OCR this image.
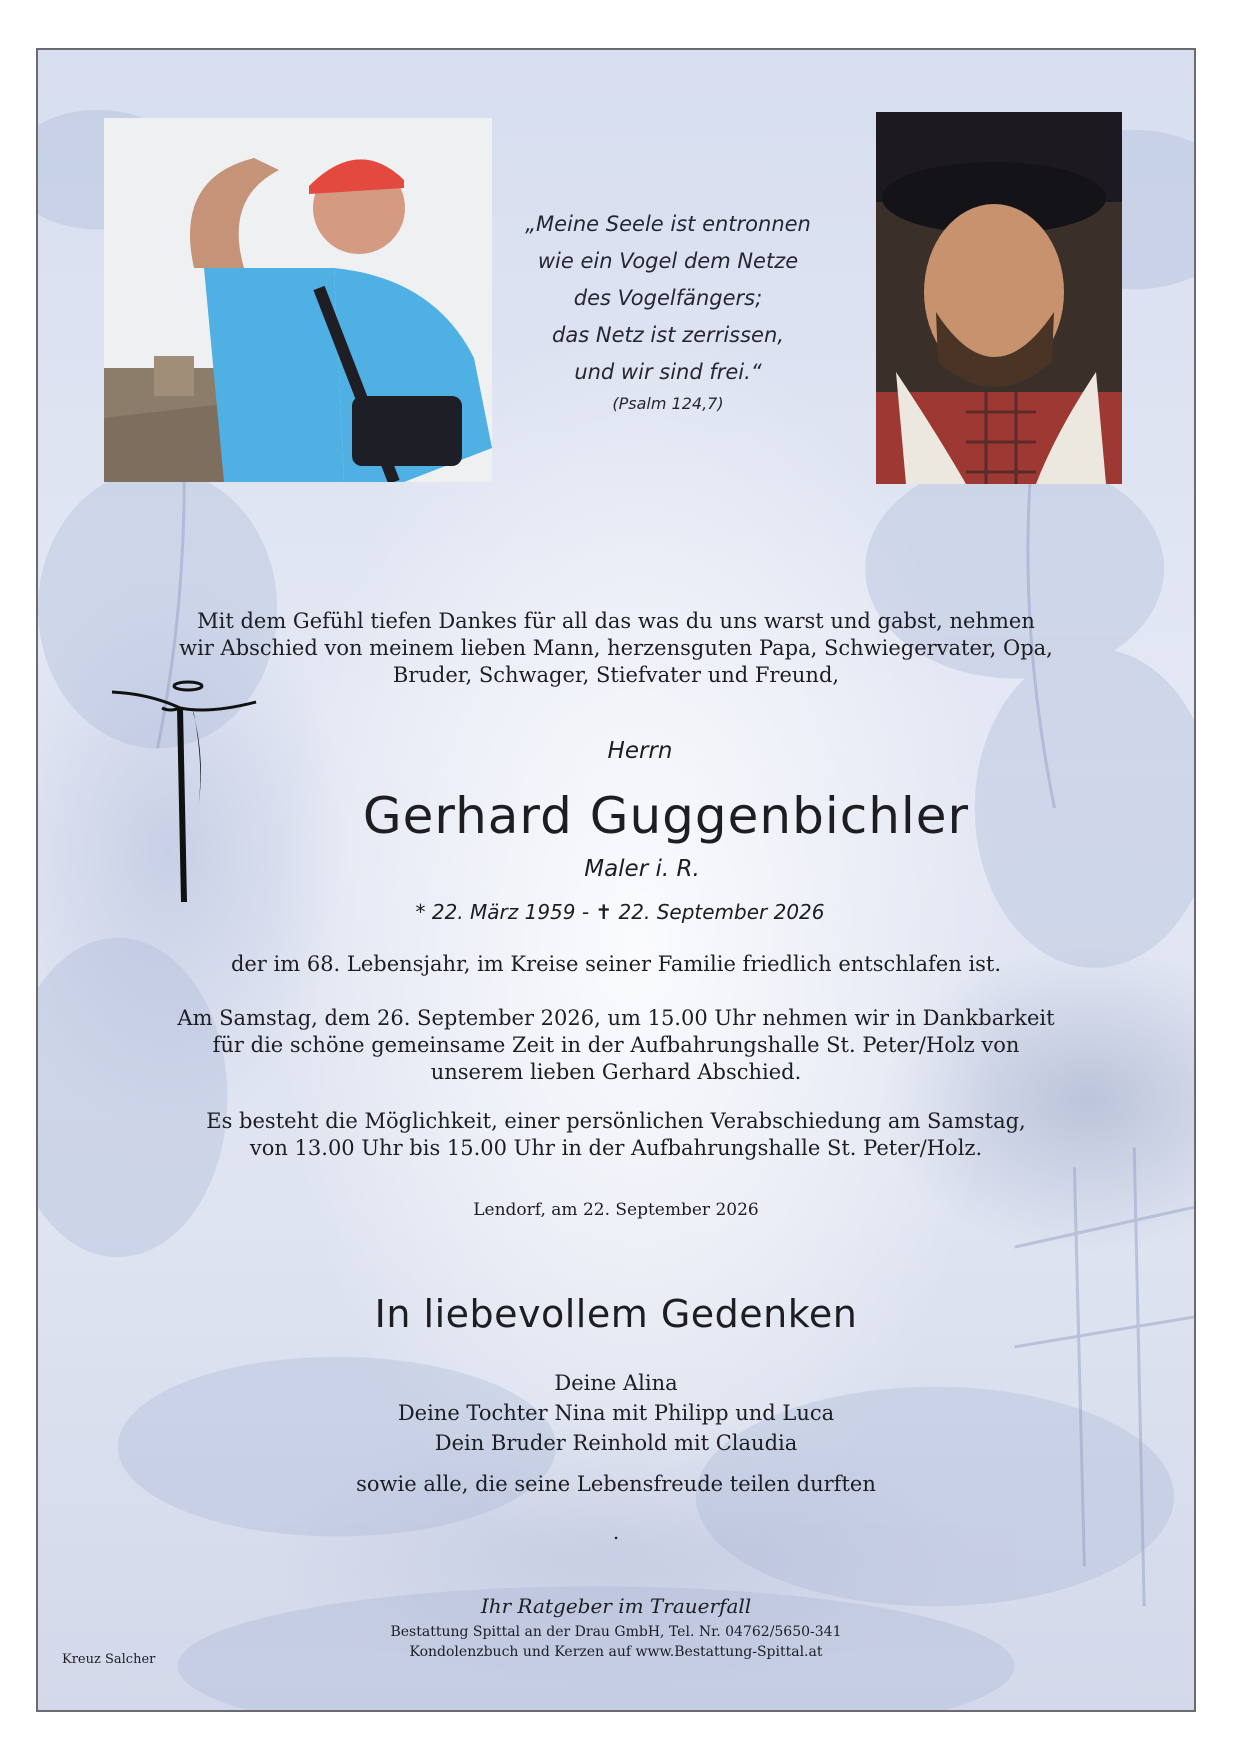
„Meine Seele ist entronnen
wie ein Vogel dem Netze
des Vogelfängers;
das Netz ist zerrissen,
und wir sind frei.“
(Psalm 124,7)
Mit dem Gefühl tiefen Dankes für all das was du uns warst und gabst, nehmen
wir Abschied von meinem lieben Mann, herzensguten Papa, Schwiegervater, Opa,
Bruder, Schwager, Stiefvater und Freund,
Herrn
Gerhard Guggenbichler
Maler i. R.
* 22. März 1959 - ✝ 22. September 2026
der im 68. Lebensjahr, im Kreise seiner Familie friedlich entschlafen ist.
Am Samstag, dem 26. September 2026, um 15.00 Uhr nehmen wir in Dankbarkeit
für die schöne gemeinsame Zeit in der Aufbahrungshalle St. Peter/Holz von
unserem lieben Gerhard Abschied.
Es besteht die Möglichkeit, einer persönlichen Verabschiedung am Samstag,
von 13.00 Uhr bis 15.00 Uhr in der Aufbahrungshalle St. Peter/Holz.
Lendorf, am 22. September 2026
In liebevollem Gedenken
Deine Alina
Deine Tochter Nina mit Philipp und Luca
Dein Bruder Reinhold mit Claudia
sowie alle, die seine Lebensfreude teilen durften
.
Ihr Ratgeber im Trauerfall
Bestattung Spittal an der Drau GmbH, Tel. Nr. 04762/5650-341
Kondolenzbuch und Kerzen auf www.Bestattung-Spittal.at
Kreuz Salcher
